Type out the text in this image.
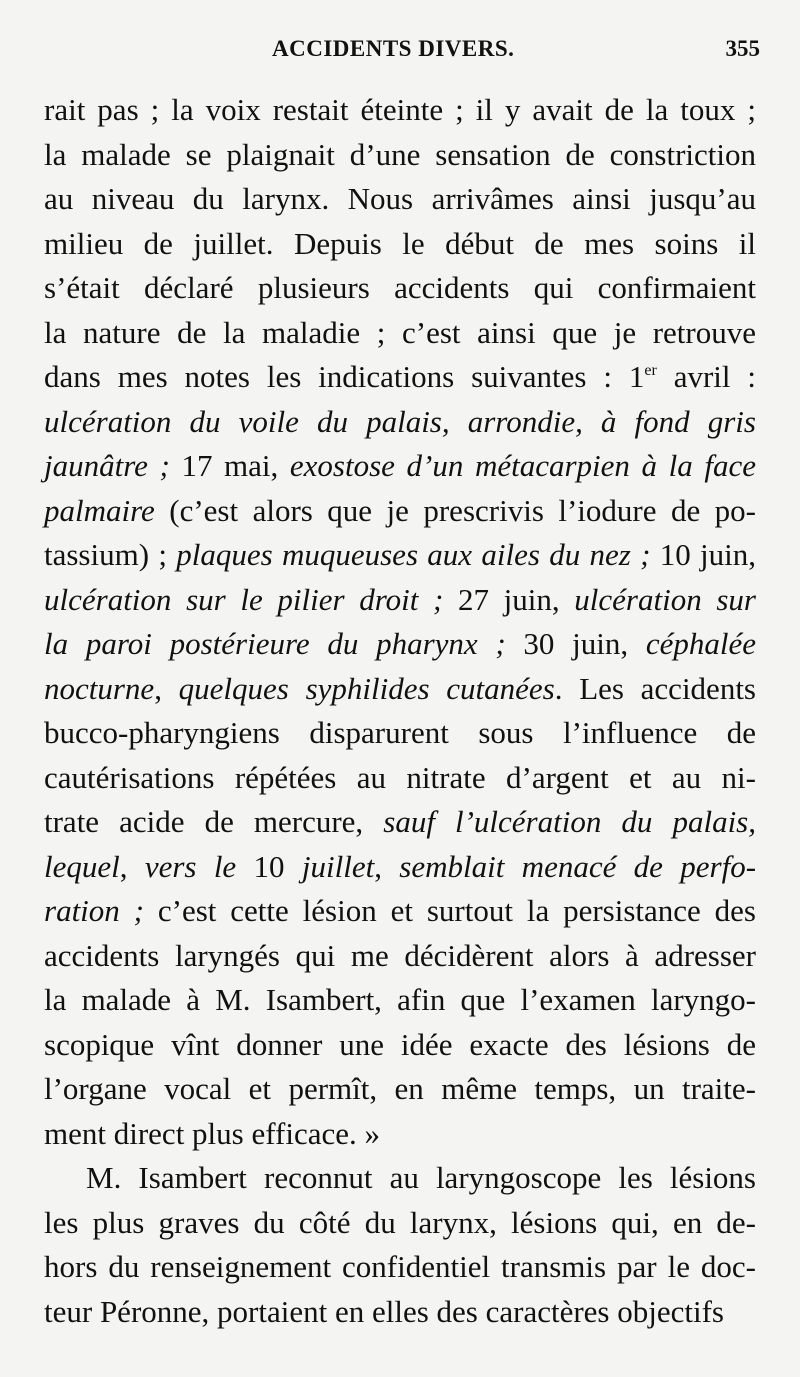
ACCIDENTS DIVERS.	355
rait pas ; la voix restait éteinte ; il y avait de la toux ;
la malade se plaignait d’une sensation de constriction
au niveau du larynx. Nous arrivâmes ainsi jusqu’au
milieu de juillet. Depuis le début de mes soins il
s’était déclaré plusieurs accidents qui confirmaient
la nature de la maladie ; c’est ainsi que je retrouve
dans mes notes les indications suivantes : 1er avril :
ulcération du voile du palais, arrondie, à fond gris
jaunâtre ; 17 mai, exostose d’un métacarpien à la face
palmaire (c’est alors que je prescrivis l’iodure de po-
tassium) ; plaques muqueuses aux ailes du nez ; 10 juin,
ulcération sur le pilier droit ; 27 juin, ulcération sur
la paroi postérieure du pharynx ; 30 juin, céphalée
nocturne, quelques syphilides cutanées. Les accidents
bucco-pharyngiens disparurent sous l’influence de
cautérisations répétées au nitrate d’argent et au ni-
trate acide de mercure, sauf l’ulcération du palais,
lequel, vers le 10 juillet, semblait menacé de perfo-
ration ; c’est cette lésion et surtout la persistance des
accidents laryngés qui me décidèrent alors à adresser
la malade à M. Isambert, afin que l’examen laryngo-
scopique vînt donner une idée exacte des lésions de
l’organe vocal et permît, en même temps, un traite-
ment direct plus efficace. »
M. Isambert reconnut au laryngoscope les lésions
les plus graves du côté du larynx, lésions qui, en de-
hors du renseignement confidentiel transmis par le doc-
teur Péronne, portaient en elles des caractères objectifs
